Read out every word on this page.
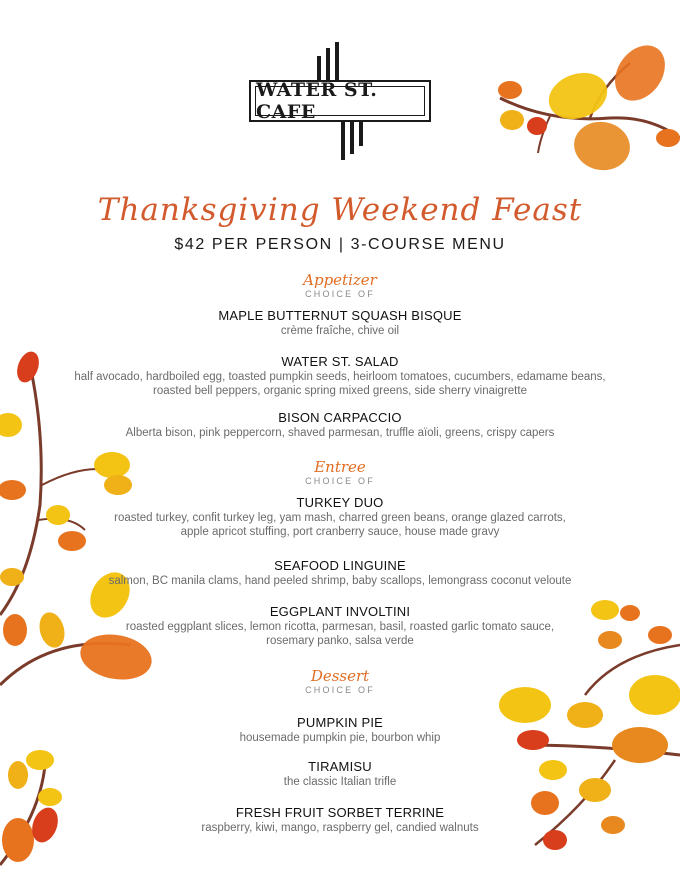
WATER ST. CAFE
Thanksgiving Weekend Feast
$42 PER PERSON | 3-COURSE MENU
Appetizer
CHOICE OF
MAPLE BUTTERNUT SQUASH BISQUE
crème fraîche, chive oil
WATER ST. SALAD
half avocado, hardboiled egg, toasted pumpkin seeds, heirloom tomatoes, cucumbers, edamame beans,
roasted bell peppers, organic spring mixed greens, side sherry vinaigrette
BISON CARPACCIO
Alberta bison, pink peppercorn, shaved parmesan, truffle aïoli, greens, crispy capers
Entree
CHOICE OF
TURKEY DUO
roasted turkey, confit turkey leg, yam mash, charred green beans, orange glazed carrots,
apple apricot stuffing, port cranberry sauce, house made gravy
SEAFOOD LINGUINE
salmon, BC manila clams, hand peeled shrimp, baby scallops, lemongrass coconut veloute
EGGPLANT INVOLTINI
roasted eggplant slices, lemon ricotta, parmesan, basil, roasted garlic tomato sauce,
rosemary panko, salsa verde
Dessert
CHOICE OF
PUMPKIN PIE
housemade pumpkin pie, bourbon whip
TIRAMISU
the classic Italian trifle
FRESH FRUIT SORBET TERRINE
raspberry, kiwi, mango, raspberry gel, candied walnuts
